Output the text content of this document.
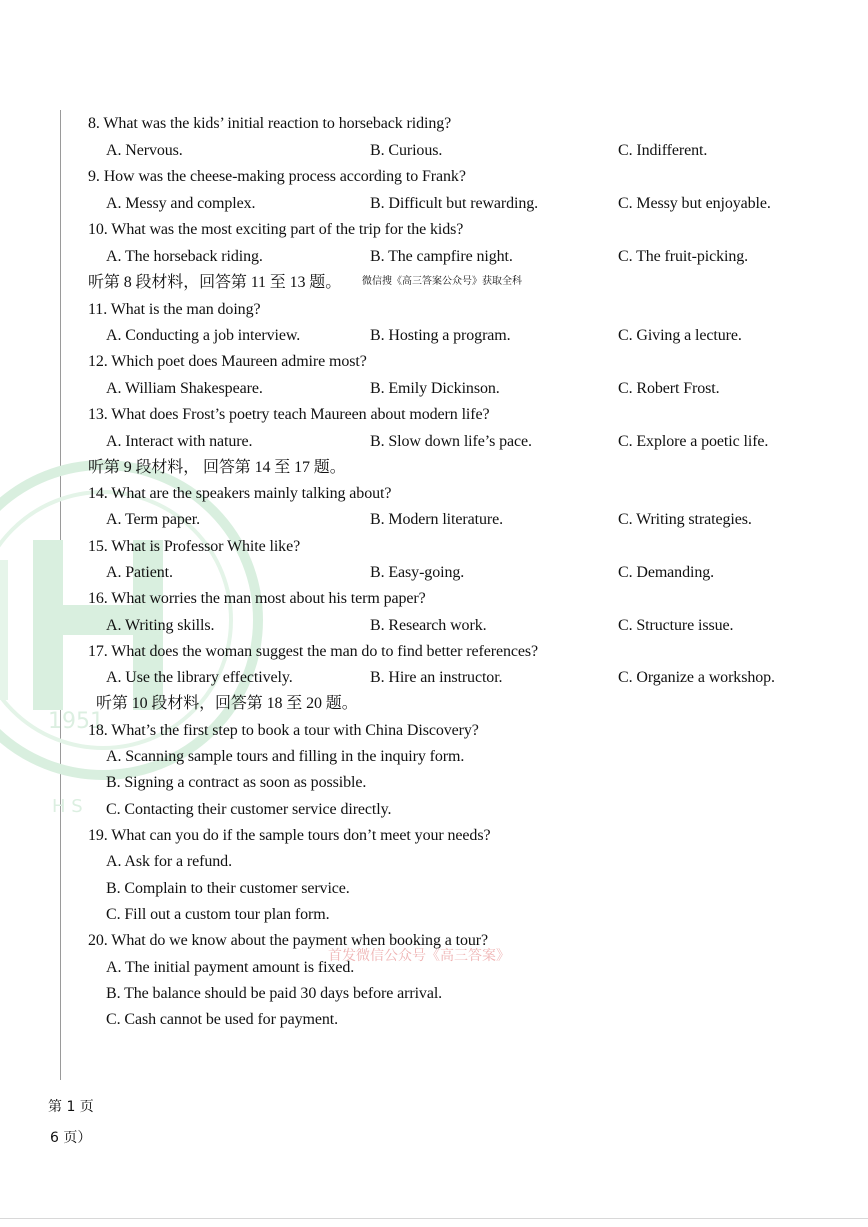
1951
H S
8. What was the kids’ initial reaction to horseback riding?
A. Nervous.	B. Curious.	C. Indifferent.
9. How was the cheese-making process according to Frank?
A. Messy and complex.	B. Difficult but rewarding.	C. Messy but enjoyable.
10. What was the most exciting part of the trip for the kids?
A. The horseback riding.	B. The campfire night.	C. The fruit-picking.
听第 8 段材料，回答第 11 至 13 题。 微信搜《高三答案公众号》获取全科
11. What is the man doing?
A. Conducting a job interview.	B. Hosting a program.	C. Giving a lecture.
12. Which poet does Maureen admire most?
A. William Shakespeare.	B. Emily Dickinson.	C. Robert Frost.
13. What does Frost’s poetry teach Maureen about modern life?
A. Interact with nature.	B. Slow down life’s pace.	C. Explore a poetic life.
听第 9 段材料， 回答第 14 至 17 题。
14. What are the speakers mainly talking about?
A. Term paper.	B. Modern literature.	C. Writing strategies.
15. What is Professor White like?
A. Patient.	B. Easy-going.	C. Demanding.
16. What worries the man most about his term paper?
A. Writing skills.	B. Research work.	C. Structure issue.
17. What does the woman suggest the man do to find better references?
A. Use the library effectively.	B. Hire an instructor.	C. Organize a workshop.
听第 10 段材料，回答第 18 至 20 题。
18. What’s the first step to book a tour with China Discovery?
A. Scanning sample tours and filling in the inquiry form.
B. Signing a contract as soon as possible.
C. Contacting their customer service directly.
19. What can you do if the sample tours don’t meet your needs?
A. Ask for a refund.
B. Complain to their customer service.
C. Fill out a custom tour plan form.
20. What do we know about the payment when booking a tour?
首发微信公众号《高三答案》
A. The initial payment amount is fixed.
B. The balance should be paid 30 days before arrival.
C. Cash cannot be used for payment.
第 1 页
6 页）
